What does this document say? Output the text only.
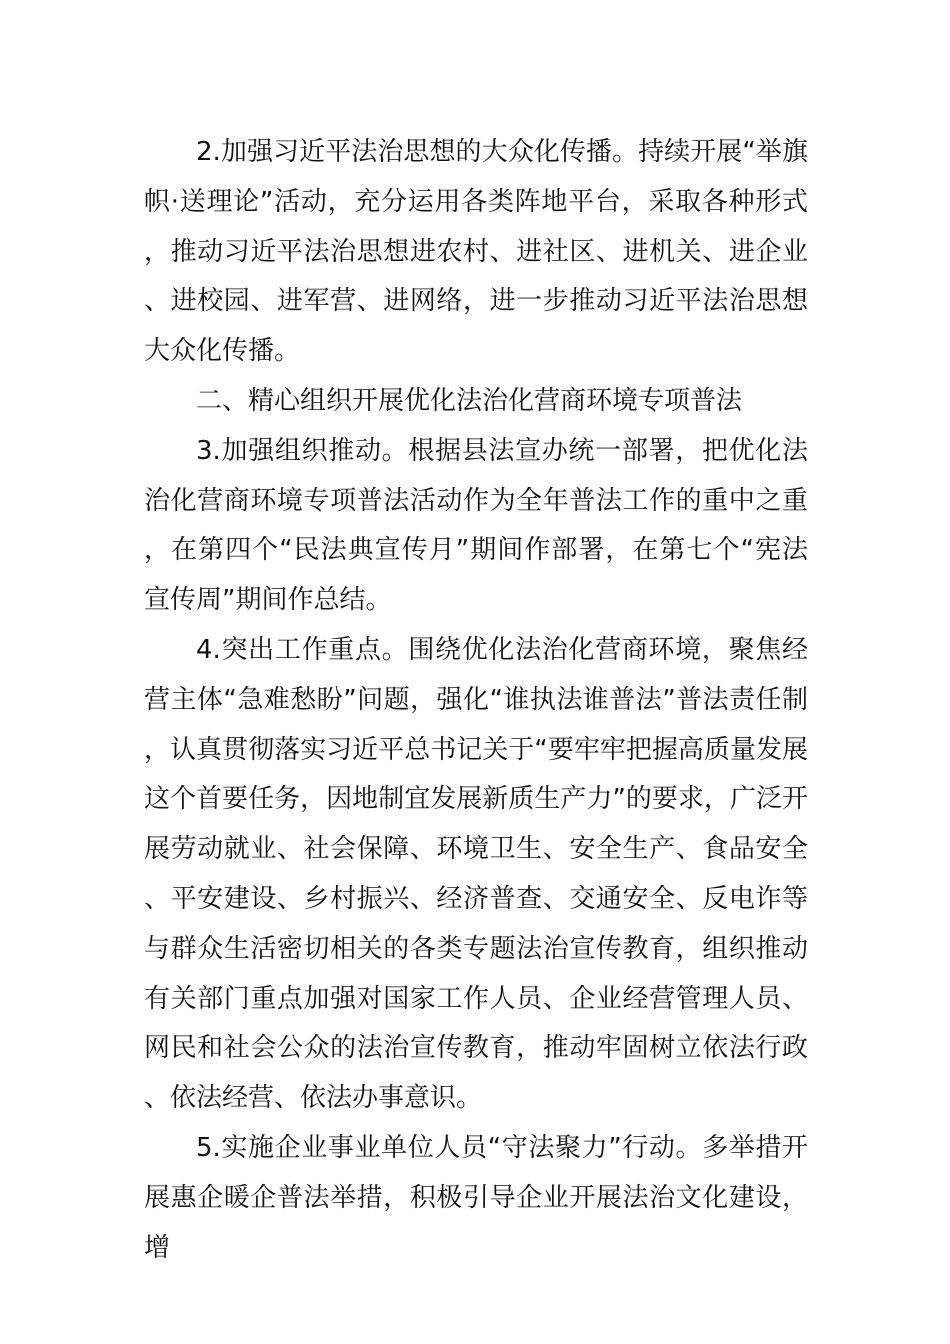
2.加强习近平法治思想的大众化传播。持续开展“举旗帜·送理论”活动，充分运用各类阵地平台，采取各种形式，推动习近平法治思想进农村、进社区、进机关、进企业、进校园、进军营、进网络，进一步推动习近平法治思想大众化传播。

二、精心组织开展优化法治化营商环境专项普法

3.加强组织推动。根据县法宣办统一部署，把优化法治化营商环境专项普法活动作为全年普法工作的重中之重，在第四个“民法典宣传月”期间作部署，在第七个“宪法宣传周”期间作总结。

4.突出工作重点。围绕优化法治化营商环境，聚焦经营主体“急难愁盼”问题，强化“谁执法谁普法”普法责任制，认真贯彻落实习近平总书记关于“要牢牢把握高质量发展这个首要任务，因地制宜发展新质生产力”的要求，广泛开展劳动就业、社会保障、环境卫生、安全生产、食品安全、平安建设、乡村振兴、经济普查、交通安全、反电诈等与群众生活密切相关的各类专题法治宣传教育，组织推动有关部门重点加强对国家工作人员、企业经营管理人员、网民和社会公众的法治宣传教育，推动牢固树立依法行政、依法经营、依法办事意识。

5.实施企业事业单位人员“守法聚力”行动。多举措开展惠企暖企普法举措，积极引导企业开展法治文化建设，增
